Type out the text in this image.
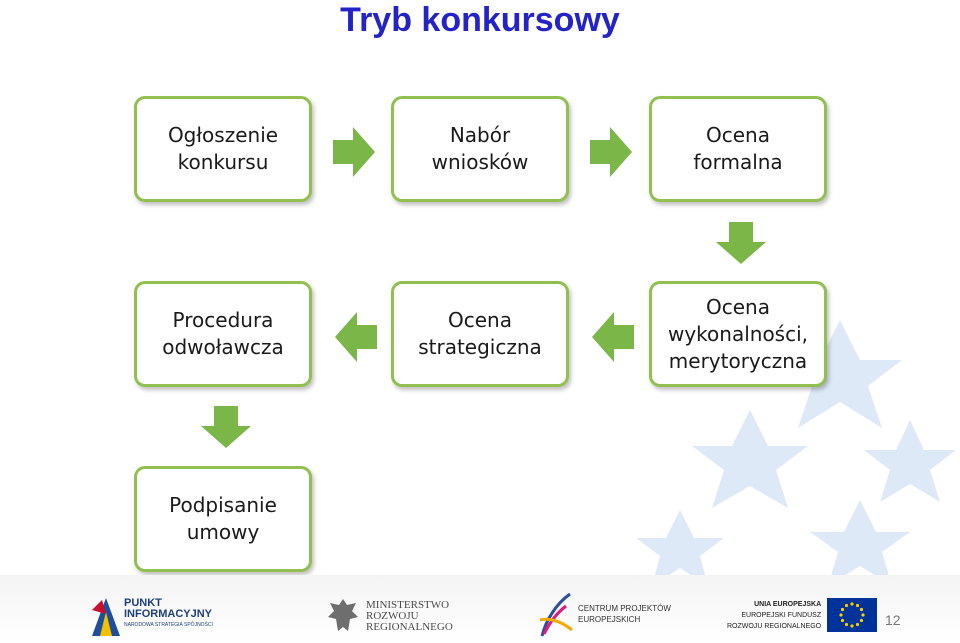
Tryb konkursowy
Ogłoszenie
konkursu
Nabór
wniosków
Ocena
formalna
Procedura
odwoławcza
Ocena
strategiczna
Ocena
wykonalności,
merytoryczna
Podpisanie
umowy
PUNKT
INFORMACYJNY
NARODOWA STRATEGIA SPÓJNOŚCI
MINISTERSTWO
ROZWOJU
REGIONALNEGO
CENTRUM PROJEKTÓW
EUROPEJSKICH
UNIA EUROPEJSKA
EUROPEJSKI FUNDUSZ
ROZWOJU REGIONALNEGO	12
